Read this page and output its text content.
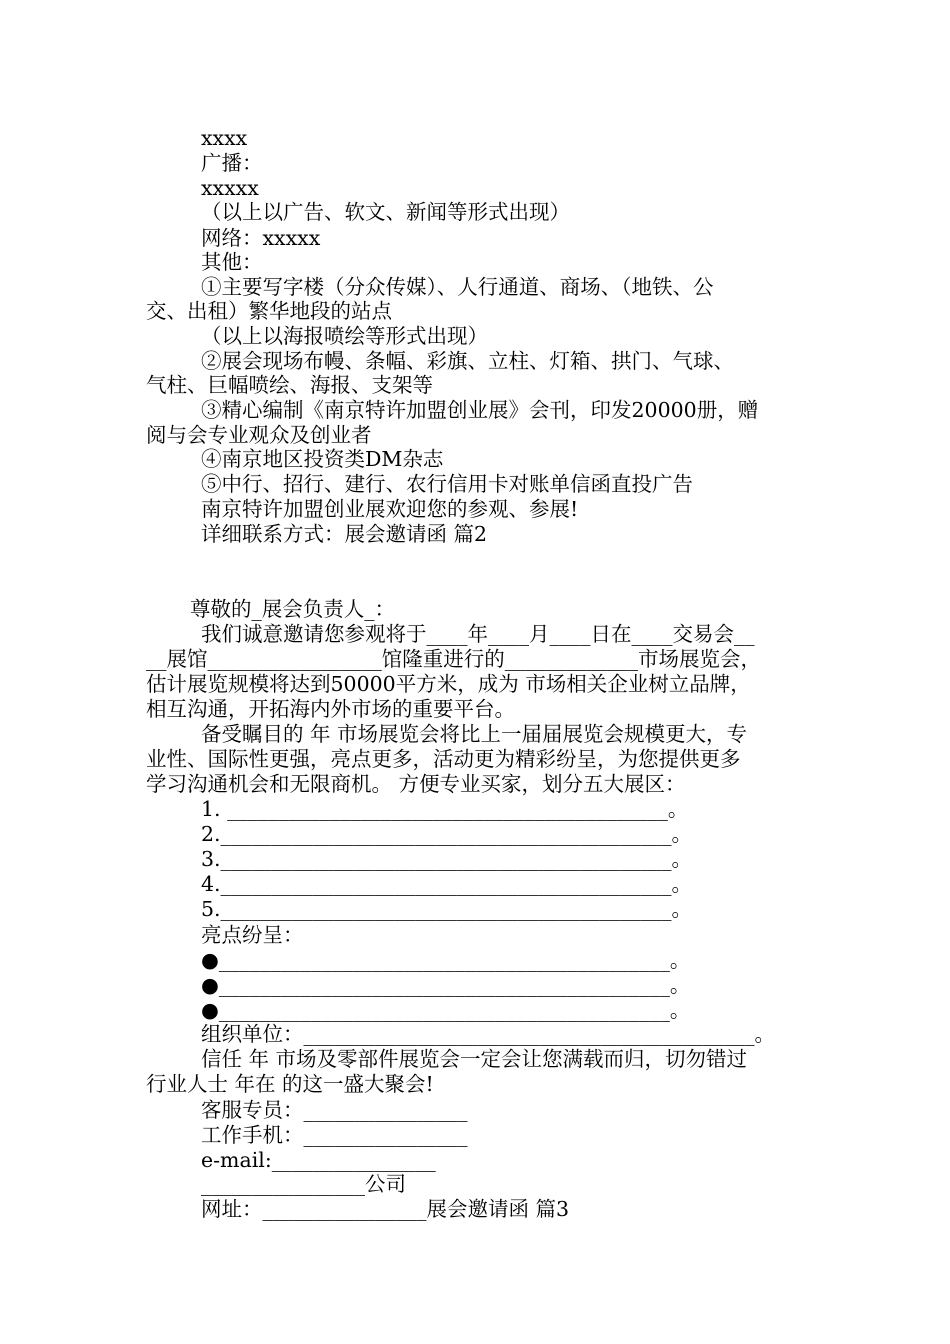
xxxx
广播：
xxxxx
（以上以广告、软文、新闻等形式出现）
网络：xxxxx
其他：
①主要写字楼（分众传媒）、人行通道、商场、（地铁、公
交、出租）繁华地段的站点
（以上以海报喷绘等形式出现）
②展会现场布幔、条幅、彩旗、立柱、灯箱、拱门、气球、
气柱、巨幅喷绘、海报、支架等
③精心编制《南京特许加盟创业展》会刊，印发20000册，赠
阅与会专业观众及创业者
④南京地区投资类DM杂志
⑤中行、招行、建行、农行信用卡对账单信函直投广告
南京特许加盟创业展欢迎您的参观、参展!
详细联系方式：展会邀请函 篇2
尊敬的_展会负责人_：
我们诚意邀请您参观将于____年____月____日在____交易会__
__展馆_________________馆隆重进行的_____________市场展览会，
估计展览规模将达到50000平方米，成为 市场相关企业树立品牌，
相互沟通，开拓海内外市场的重要平台。
备受瞩目的 年 市场展览会将比上一届届展览会规模更大，专
业性、国际性更强，亮点更多，活动更为精彩纷呈，为您提供更多
学习沟通机会和无限商机。 方便专业买家，划分五大展区：
1. ___________________________________________。
2.____________________________________________。
3.____________________________________________。
4.____________________________________________。
5.____________________________________________。
亮点纷呈：
●____________________________________________。
●____________________________________________。
●____________________________________________。
组织单位：____________________________________________。
信任 年 市场及零部件展览会一定会让您满载而归，切勿错过
行业人士 年在 的这一盛大聚会!
客服专员：________________
工作手机：________________
e-mail:________________
________________公司
网址：________________展会邀请函 篇3
